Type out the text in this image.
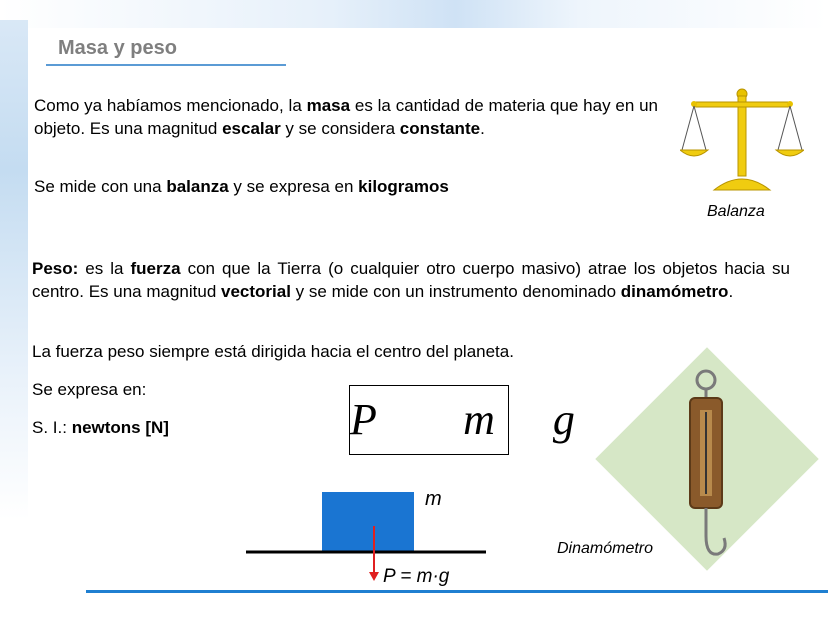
Masa y peso

Como ya habíamos mencionado, la masa es la cantidad de materia que hay en un objeto. Es una magnitud escalar y se considera constante.

Se mide con una balanza y se expresa en kilogramos

Balanza

Peso: es la fuerza con que la Tierra (o cualquier otro cuerpo masivo) atrae los objetos hacia su centro. Es una magnitud vectorial y se mide con un instrumento denominado dinamómetro.

La fuerza peso siempre está dirigida hacia el centro del planeta.

Se expresa en:

S. I.: newtons [N]	P   m  g
m
P = m·g
Dinamómetro
